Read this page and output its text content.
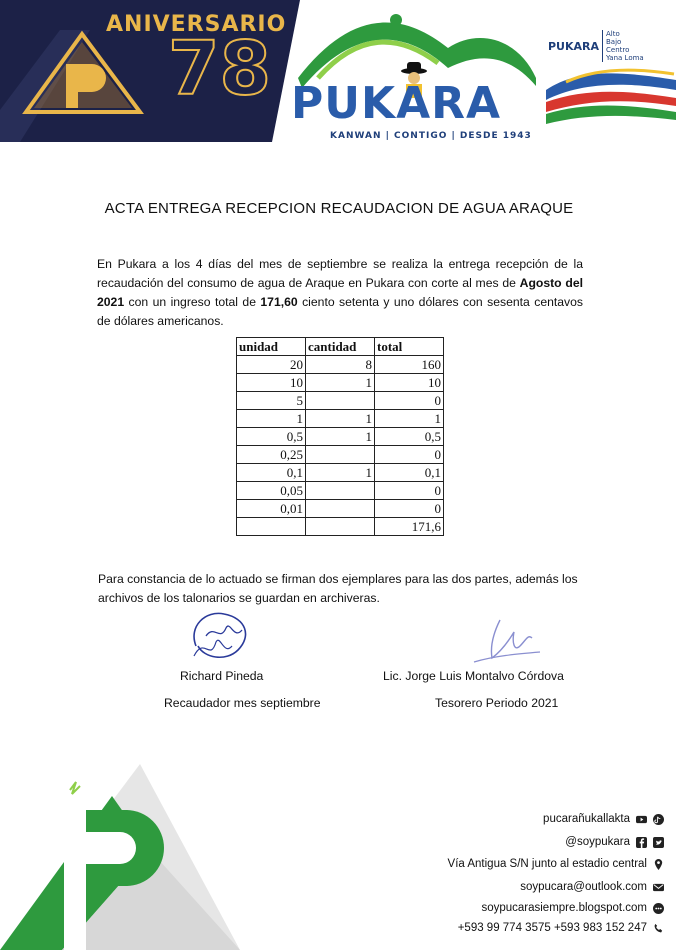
ANIVERSARIO
78 PUKARA
KANWAN | CONTIGO | DESDE 1943
PUKARA
Alto
Bajo
Centro
Yana Loma
ACTA ENTREGA RECEPCION RECAUDACION DE AGUA ARAQUE
En Pukara a los 4 días del mes de septiembre se realiza la entrega recepción de la recaudación del consumo de agua de Araque en Pukara con corte al mes de Agosto del 2021 con un ingreso total de 171,60 ciento setenta y uno dólares con sesenta centavos de dólares americanos.
unidad	cantidad	total
20	8	160
10	1	10
5		0
1	1	1
0,5	1	0,5
0,25		0
0,1	1	0,1
0,05		0
0,01		0
		171,6
Para constancia de lo actuado se firman dos ejemplares para las dos partes, además los archivos de los talonarios se guardan en archiveras.
Richard Pineda
Recaudador mes septiembre
Lic. Jorge Luis Montalvo Córdova
Tesorero Periodo 2021
pucarañukallakta
@soypukara
Vía Antigua S/N junto al estadio central
soypucara@outlook.com
soypucarasiempre.blogspot.com
+593 99 774 3575 +593 983 152 247
